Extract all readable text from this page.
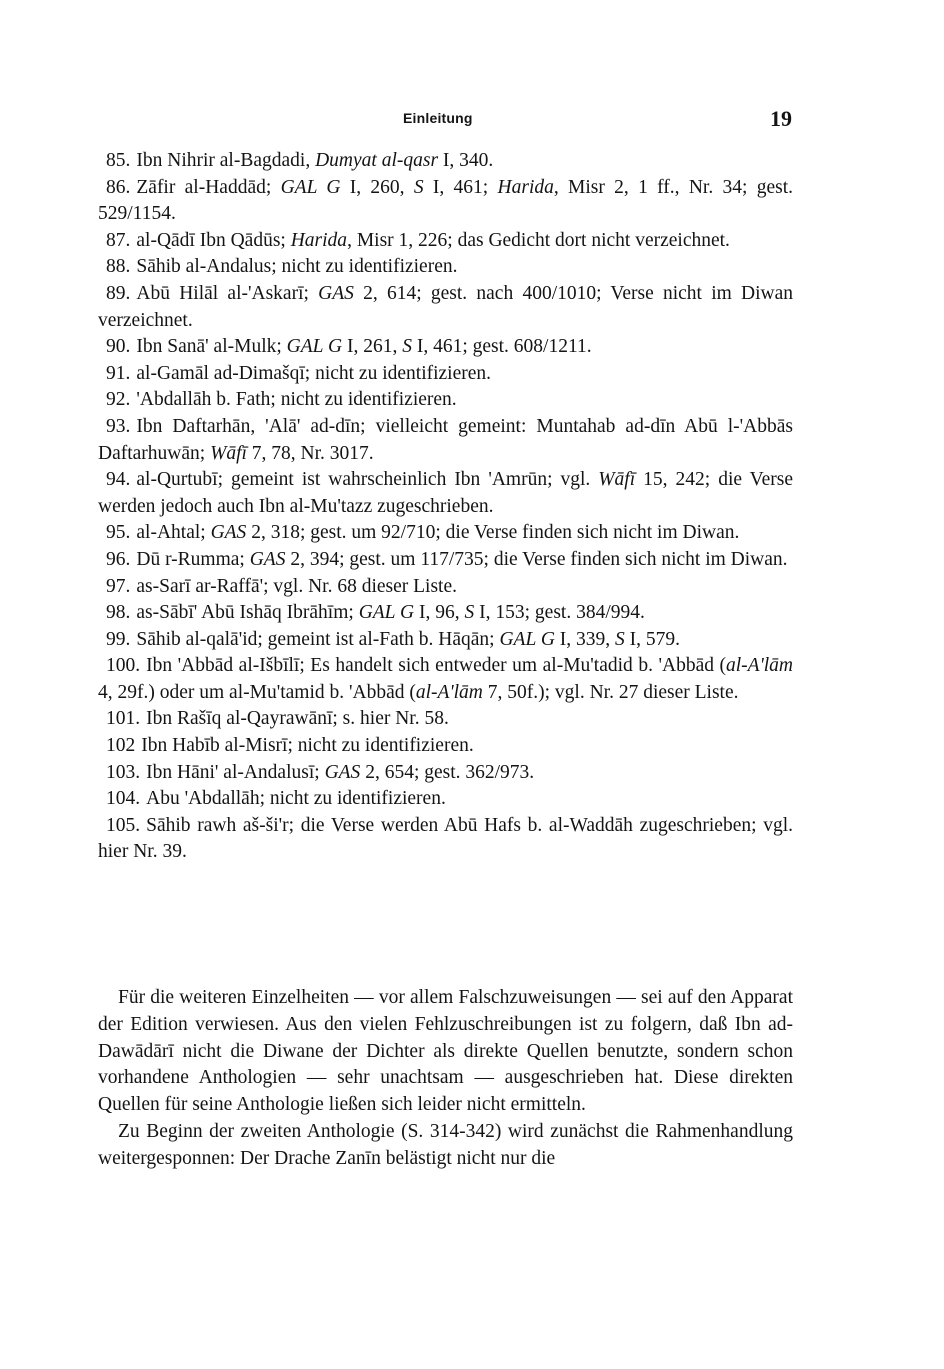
Einleitung	19

85. Ibn Nihrir al-Bagdadi, Dumyat al-qasr I, 340.

86. Zāfir al-Haddād; GAL G I, 260, S I, 461; Harida, Misr 2, 1 ff., Nr. 34; gest. 529/1154.

87. al-Qādī Ibn Qādūs; Harida, Misr 1, 226; das Gedicht dort nicht verzeichnet.

88. Sāhib al-Andalus; nicht zu identifizieren.

89. Abū Hilāl al-'Askarī; GAS 2, 614; gest. nach 400/1010; Verse nicht im Diwan verzeichnet.

90. Ibn Sanā' al-Mulk; GAL G I, 261, S I, 461; gest. 608/1211.

91. al-Gamāl ad-Dimašqī; nicht zu identifizieren.

92. 'Abdallāh b. Fath; nicht zu identifizieren.

93. Ibn Daftarhān, 'Alā' ad-dīn; vielleicht gemeint: Muntahab ad-dīn Abū l-'Abbās Daftarhuwān; Wāfī 7, 78, Nr. 3017.

94. al-Qurtubī; gemeint ist wahrscheinlich Ibn 'Amrūn; vgl. Wāfī 15, 242; die Verse werden jedoch auch Ibn al-Mu'tazz zugeschrieben.

95. al-Ahtal; GAS 2, 318; gest. um 92/710; die Verse finden sich nicht im Diwan.

96. Dū r-Rumma; GAS 2, 394; gest. um 117/735; die Verse finden sich nicht im Diwan.

97. as-Sarī ar-Raffā'; vgl. Nr. 68 dieser Liste.

98. as-Sābī' Abū Ishāq Ibrāhīm; GAL G I, 96, S I, 153; gest. 384/994.

99. Sāhib al-qalā'id; gemeint ist al-Fath b. Hāqān; GAL G I, 339, S I, 579.

100. Ibn 'Abbād al-Išbīlī; Es handelt sich entweder um al-Mu'tadid b. 'Abbād (al-A'lām 4, 29f.) oder um al-Mu'tamid b. 'Abbād (al-A'lām 7, 50f.); vgl. Nr. 27 dieser Liste.

101. Ibn Rašīq al-Qayrawānī; s. hier Nr. 58.

102 Ibn Habīb al-Misrī; nicht zu identifizieren.

103. Ibn Hāni' al-Andalusī; GAS 2, 654; gest. 362/973.

104. Abu 'Abdallāh; nicht zu identifizieren.

105. Sāhib rawh aš-ši'r; die Verse werden Abū Hafs b. al-Waddāh zugeschrieben; vgl. hier Nr. 39.

Für die weiteren Einzelheiten — vor allem Falschzuweisungen — sei auf den Apparat der Edition verwiesen. Aus den vielen Fehlzuschreibungen ist zu folgern, daß Ibn ad-Dawādārī nicht die Diwane der Dichter als direkte Quellen benutzte, sondern schon vorhandene Anthologien — sehr unachtsam — ausgeschrieben hat. Diese direkten Quellen für seine Anthologie ließen sich leider nicht ermitteln.

Zu Beginn der zweiten Anthologie (S. 314-342) wird zunächst die Rahmenhandlung weitergesponnen: Der Drache Zanīn belästigt nicht nur die
